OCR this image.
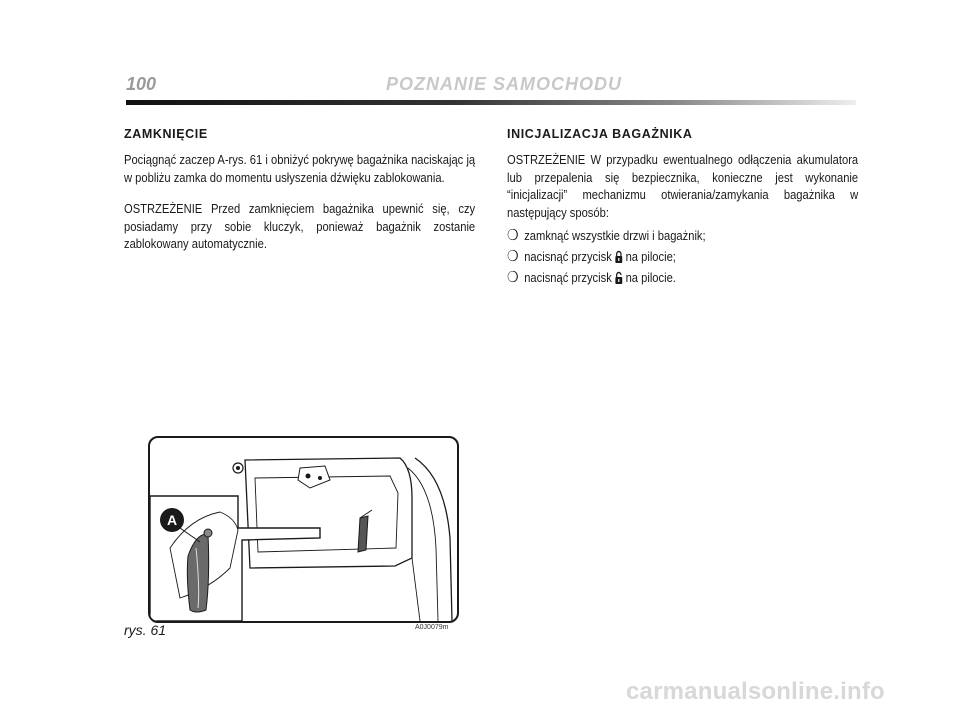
100	POZNANIE SAMOCHODU
ZAMKNIĘCIE

Pociągnąć zaczep A-rys. 61 i obniżyć pokrywę bagażnika naciskając ją w pobliżu zamka do momentu usłyszenia dźwięku zablokowania.

OSTRZEŻENIE Przed zamknięciem bagażnika upewnić się, czy posiadamy przy sobie kluczyk, ponieważ bagażnik zostanie zablokowany automatycznie.

INICJALIZACJA BAGAŻNIKA

OSTRZEŻENIE W przypadku ewentualnego odłączenia akumulatora lub przepalenia się bezpiecznika, konieczne jest wykonanie “inicjalizacji” mechanizmu otwierania/zamykania bagażnika w następujący sposób:

❍ zamknąć wszystkie drzwi i bagażnik;
❍ nacisnąć przycisk na pilocie;
❍ nacisnąć przycisk na pilocie.
A
rys. 61	A0J0079m
carmanualsonline.info
